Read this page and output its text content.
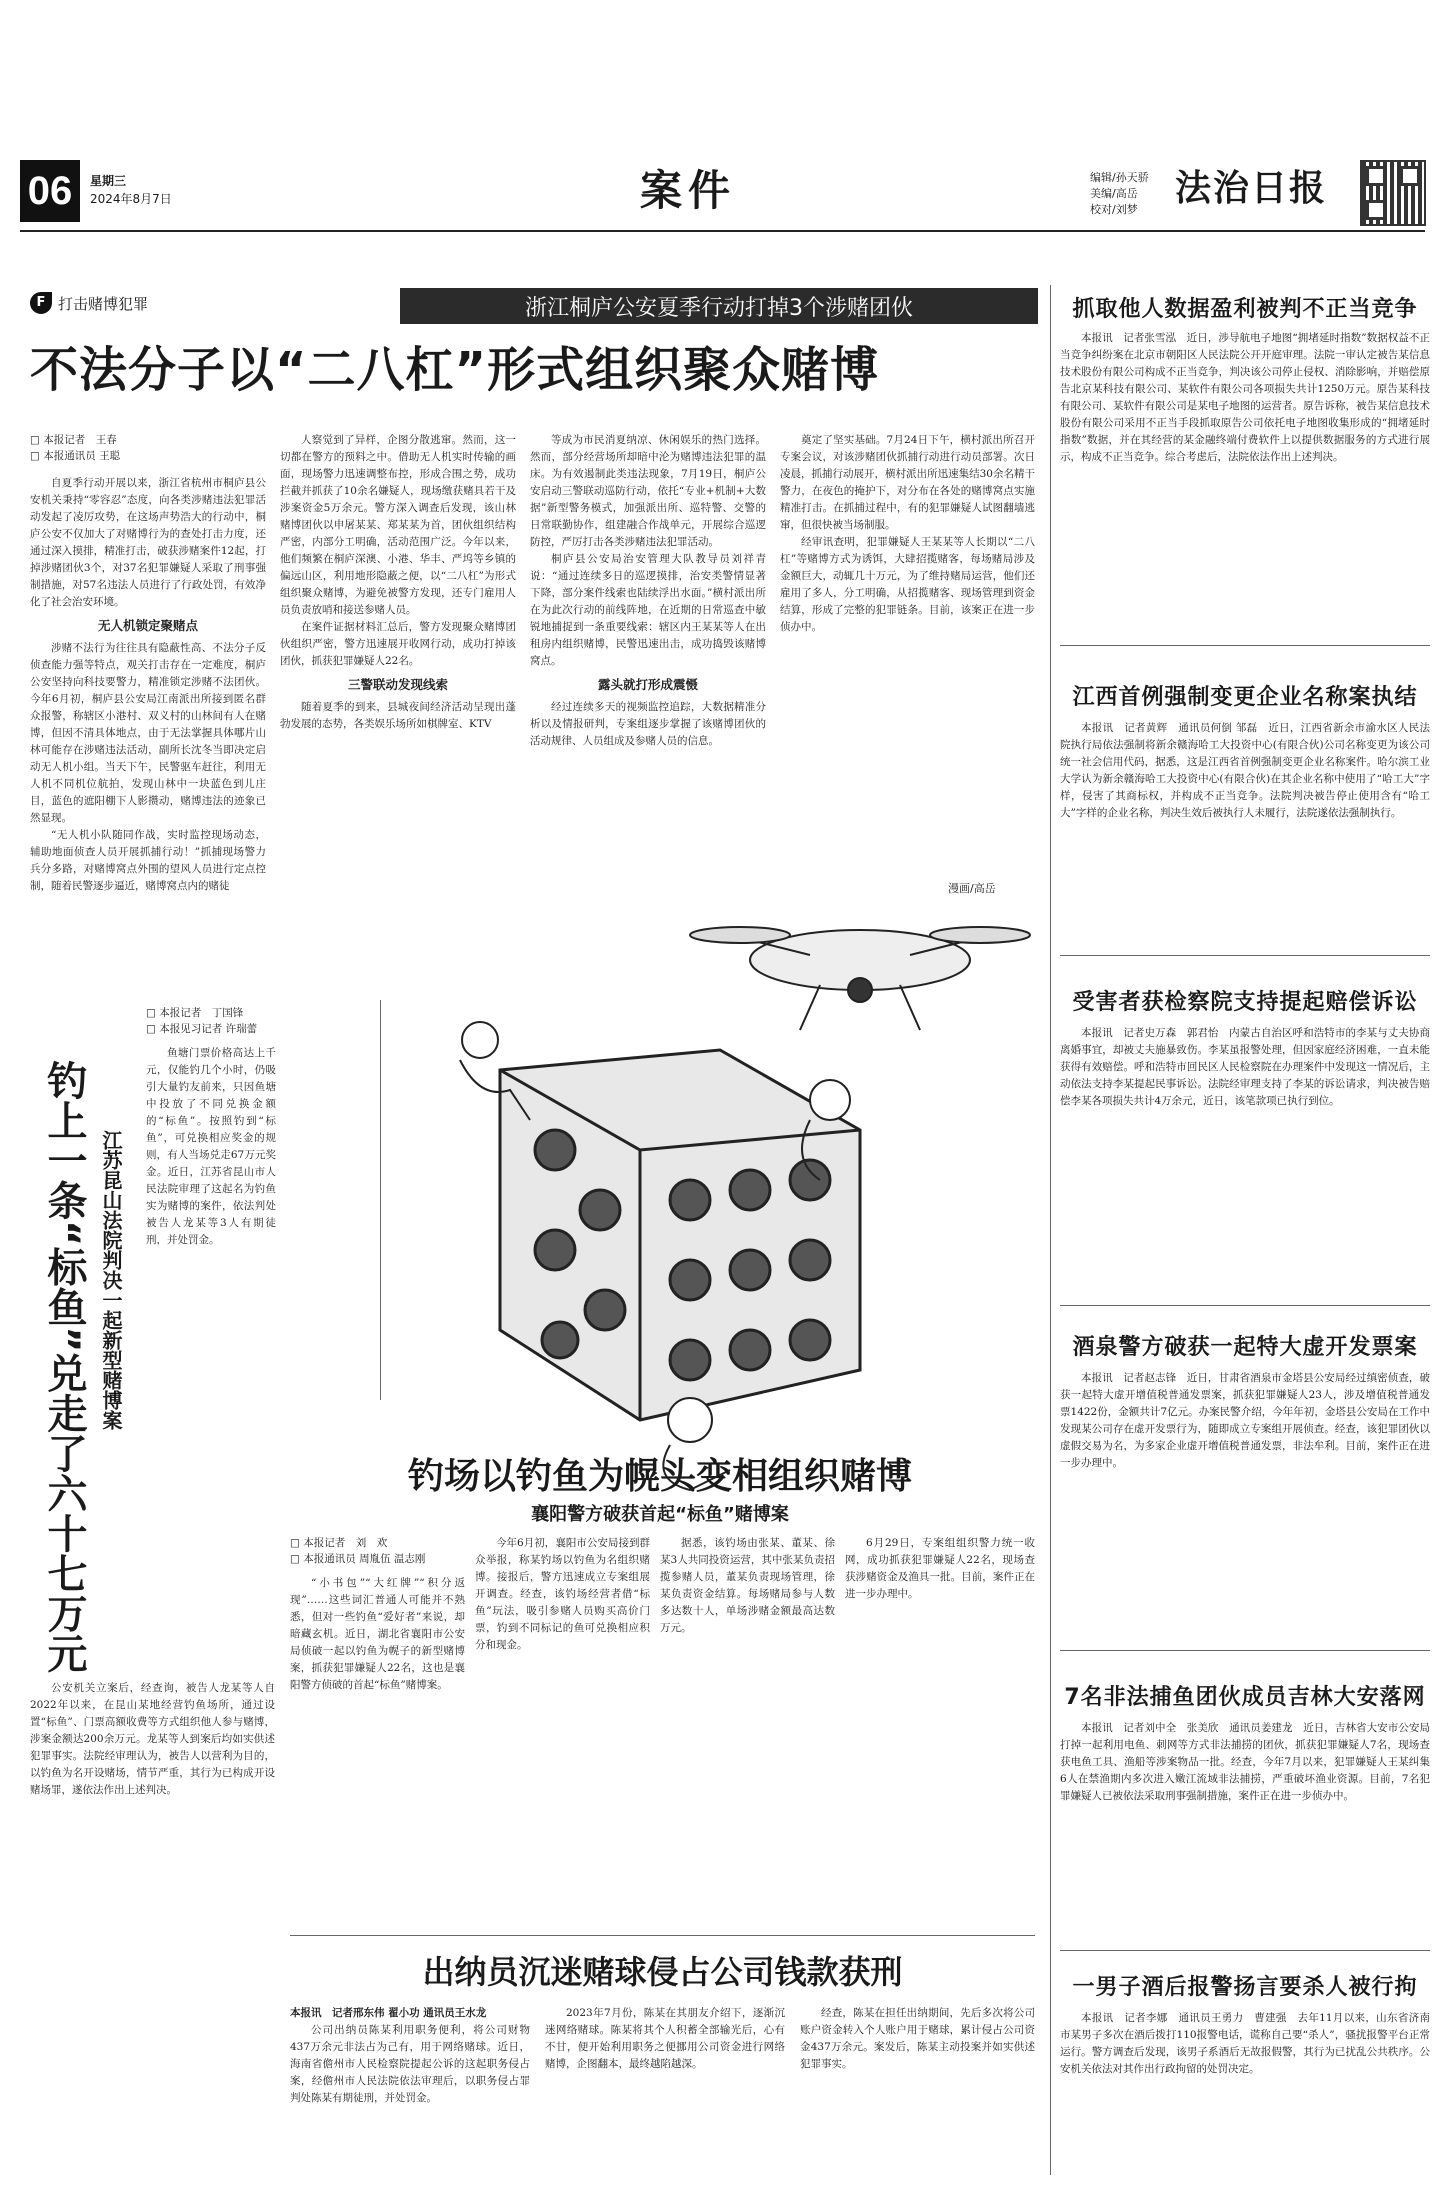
06	星期三
2024年8月7日	案件	编辑/孙天骄
美编/高岳
校对/刘梦
法治日报
F 打击赌博犯罪	浙江桐庐公安夏季行动打掉3个涉赌团伙
不法分子以“二八杠”形式组织聚众赌博
□ 本报记者　王春
□ 本报通讯员 王聪

自夏季行动开展以来，浙江省杭州市桐庐县公安机关秉持“零容忍”态度，向各类涉赌违法犯罪活动发起了凌厉攻势，在这场声势浩大的行动中，桐庐公安不仅加大了对赌博行为的查处打击力度，还通过深入摸排，精准打击，破获涉赌案件12起，打掉涉赌团伙3个，对37名犯罪嫌疑人采取了刑事强制措施，对57名违法人员进行了行政处罚，有效净化了社会治安环境。

无人机锁定聚赌点

涉赌不法行为往往具有隐蔽性高、不法分子反侦查能力强等特点，观关打击存在一定难度，桐庐公安坚持向科技要警力，精准锁定涉赌不法团伙。今年6月初，桐庐县公安局江南派出所接到匿名群众报警，称辖区小港村、双义村的山林间有人在赌博，但因不清具体地点，由于无法掌握具体哪片山林可能存在涉赌违法活动，副所长沈冬当即决定启动无人机小组。当天下午，民警驱车赶往，利用无人机不同机位航拍，发现山林中一块蓝色到儿庄目，蓝色的遮阳棚下人影攒动，赌博违法的迹象已然显现。

“无人机小队随同作战，实时监控现场动态，辅助地面侦查人员开展抓捕行动！”抓捕现场警力兵分多路，对赌博窝点外围的望风人员进行定点控制，随着民警逐步逼近，赌博窝点内的赌徒

人察觉到了异样，企图分散逃窜。然而，这一切都在警方的预料之中。借助无人机实时传输的画面，现场警力迅速调整布控，形成合围之势，成功拦截并抓获了10余名嫌疑人，现场缴获赌具若干及涉案资金5万余元。警方深入调查后发现，该山林赌博团伙以申屠某某、郑某某为首，团伙组织结构严密，内部分工明确，活动范围广泛。今年以来，他们频繁在桐庐深澳、小港、华丰、严坞等乡镇的偏远山区，利用地形隐蔽之便，以“二八杠”为形式组织聚众赌博，为避免被警方发现，还专门雇用人员负责放哨和接送参赌人员。

在案件证据材料汇总后，警方发现聚众赌博团伙组织严密，警方迅速展开收网行动，成功打掉该团伙，抓获犯罪嫌疑人22名。

三警联动发现线索

随着夏季的到来，县城夜间经济活动呈现出蓬勃发展的态势，各类娱乐场所如棋牌室、KTV

等成为市民消夏纳凉、休闲娱乐的热门选择。然而，部分经营场所却暗中沦为赌博违法犯罪的温床。为有效遏制此类违法现象，7月19日，桐庐公安启动三警联动巡防行动，依托“专业+机制+大数据”新型警务模式，加强派出所、巡特警、交警的日常联勤协作，组建融合作战单元，开展综合巡逻防控，严厉打击各类涉赌违法犯罪活动。

桐庐县公安局治安管理大队教导员刘祥青说：“通过连续多日的巡逻摸排，治安类警情显著下降，部分案件线索也陆续浮出水面。”横村派出所在为此次行动的前线阵地，在近期的日常巡查中敏锐地捕捉到一条重要线索：辖区内王某某等人在出租房内组织赌博，民警迅速出击，成功捣毁该赌博窝点。

露头就打形成震慑

经过连续多天的视频监控追踪，大数据精准分析以及情报研判，专案组逐步掌握了该赌博团伙的活动规律、人员组成及参赌人员的信息。

奠定了坚实基础。7月24日下午，横村派出所召开专案会议，对该涉赌团伙抓捕行动进行动员部署。次日凌晨，抓捕行动展开，横村派出所迅速集结30余名精干警力，在夜色的掩护下，对分布在各处的赌博窝点实施精准打击。在抓捕过程中，有的犯罪嫌疑人试图翻墙逃窜，但很快被当场制服。

经审讯查明，犯罪嫌疑人王某某等人长期以“二八杠”等赌博方式为诱饵，大肆招揽赌客，每场赌局涉及金额巨大，动辄几十万元，为了维持赌局运营，他们还雇用了多人，分工明确，从招揽赌客、现场管理到资金结算，形成了完整的犯罪链条。目前，该案正在进一步侦办中。

漫画/高岳
钓上一条“标鱼”兑走了六十七万元 江苏昆山法院判决一起新型赌博案
□ 本报记者　丁国锋
□ 本报见习记者 许瑞蕾

鱼塘门票价格高达上千元，仅能钓几个小时，仍吸引大量钓友前来，只因鱼塘中投放了不同兑换金额的“标鱼”。按照钓到“标鱼”，可兑换相应奖金的规则，有人当场兑走67万元奖金。近日，江苏省昆山市人民法院审理了这起名为钓鱼实为赌博的案件，依法判处被告人龙某等3人有期徒刑，并处罚金。

公安机关立案后，经查询，被告人龙某等人自2022年以来，在昆山某地经营钓鱼场所，通过设置“标鱼”、门票高额收费等方式组织他人参与赌博，涉案金额达200余万元。龙某等人到案后均如实供述犯罪事实。法院经审理认为，被告人以营利为目的，以钓鱼为名开设赌场，情节严重，其行为已构成开设赌场罪，遂依法作出上述判决。

钓场以钓鱼为幌头变相组织赌博
襄阳警方破获首起“标鱼”赌博案
□ 本报记者　刘　欢
□ 本报通讯员 周胤伍 温志刚

“小书包”“大红牌”“积分返现”……这些词汇普通人可能并不熟悉，但对一些钓鱼“爱好者”来说，却暗藏玄机。近日，湖北省襄阳市公安局侦破一起以钓鱼为幌子的新型赌博案，抓获犯罪嫌疑人22名，这也是襄阳警方侦破的首起“标鱼”赌博案。

今年6月初，襄阳市公安局接到群众举报，称某钓场以钓鱼为名组织赌博。接报后，警方迅速成立专案组展开调查。经查，该钓场经营者借“标鱼”玩法，吸引参赌人员购买高价门票，钓到不同标记的鱼可兑换相应积分和现金。

据悉，该钓场由张某、董某、徐某3人共同投资运营，其中张某负责招揽参赌人员，董某负责现场管理，徐某负责资金结算。每场赌局参与人数多达数十人，单场涉赌金额最高达数万元。

6月29日，专案组组织警力统一收网，成功抓获犯罪嫌疑人22名，现场查获涉赌资金及渔具一批。目前，案件正在进一步办理中。

出纳员沉迷赌球侵占公司钱款获刑
本报讯　记者邢东伟 翟小功 通讯员王水龙

公司出纳员陈某利用职务便利，将公司财物437万余元非法占为己有，用于网络赌球。近日，海南省儋州市人民检察院提起公诉的这起职务侵占案，经儋州市人民法院依法审理后，以职务侵占罪判处陈某有期徒刑，并处罚金。

2023年7月份，陈某在其朋友介绍下，逐渐沉迷网络赌球。陈某将其个人积蓄全部输光后，心有不甘，便开始利用职务之便挪用公司资金进行网络赌博，企图翻本，最终越陷越深。

经查，陈某在担任出纳期间，先后多次将公司账户资金转入个人账户用于赌球，累计侵占公司资金437万余元。案发后，陈某主动投案并如实供述犯罪事实。

抓取他人数据盈利被判不正当竞争

本报讯　记者张雪泓　近日，涉导航电子地图“拥堵延时指数”数据权益不正当竞争纠纷案在北京市朝阳区人民法院公开开庭审理。法院一审认定被告某信息技术股份有限公司构成不正当竞争，判决该公司停止侵权、消除影响，并赔偿原告北京某科技有限公司、某软件有限公司各项损失共计1250万元。原告某科技有限公司、某软件有限公司是某电子地图的运营者。原告诉称，被告某信息技术股份有限公司采用不正当手段抓取原告公司依托电子地图收集形成的“拥堵延时指数”数据，并在其经营的某金融终端付费软件上以提供数据服务的方式进行展示，构成不正当竞争。综合考虑后，法院依法作出上述判决。

江西首例强制变更企业名称案执结

本报讯　记者黄辉　通讯员何倒 邹磊　近日，江西省新余市渝水区人民法院执行局依法强制将新余赣海哈工大投资中心(有限合伙)公司名称变更为该公司统一社会信用代码，据悉，这是江西省首例强制变更企业名称案件。哈尔滨工业大学认为新余赣海哈工大投资中心(有限合伙)在其企业名称中使用了“哈工大”字样，侵害了其商标权，并构成不正当竞争。法院判决被告停止使用含有“哈工大”字样的企业名称，判决生效后被执行人未履行，法院遂依法强制执行。

受害者获检察院支持提起赔偿诉讼

本报讯　记者史万森　郭君怡　内蒙古自治区呼和浩特市的李某与丈夫协商离婚事宜，却被丈夫施暴致伤。李某虽报警处理，但因家庭经济困难，一直未能获得有效赔偿。呼和浩特市回民区人民检察院在办理案件中发现这一情况后，主动依法支持李某提起民事诉讼。法院经审理支持了李某的诉讼请求，判决被告赔偿李某各项损失共计4万余元，近日，该笔款项已执行到位。

酒泉警方破获一起特大虚开发票案

本报讯　记者赵志锋　近日，甘肃省酒泉市金塔县公安局经过缜密侦查，破获一起特大虚开增值税普通发票案，抓获犯罪嫌疑人23人，涉及增值税普通发票1422份，金额共计7亿元。办案民警介绍，今年年初，金塔县公安局在工作中发现某公司存在虚开发票行为，随即成立专案组开展侦查。经查，该犯罪团伙以虚假交易为名，为多家企业虚开增值税普通发票，非法牟利。目前，案件正在进一步办理中。

7名非法捕鱼团伙成员吉林大安落网

本报讯　记者刘中全　张美欣　通讯员姜建龙　近日，吉林省大安市公安局打掉一起利用电鱼、刺网等方式非法捕捞的团伙，抓获犯罪嫌疑人7名，现场查获电鱼工具、渔船等涉案物品一批。经查，今年7月以来，犯罪嫌疑人王某纠集6人在禁渔期内多次进入嫩江流域非法捕捞，严重破坏渔业资源。目前，7名犯罪嫌疑人已被依法采取刑事强制措施，案件正在进一步侦办中。

一男子酒后报警扬言要杀人被行拘

本报讯　记者李娜　通讯员王勇力　曹建强　去年11月以来，山东省济南市某男子多次在酒后拨打110报警电话，谎称自己要“杀人”，骚扰报警平台正常运行。警方调查后发现，该男子系酒后无故报假警，其行为已扰乱公共秩序。公安机关依法对其作出行政拘留的处罚决定。
